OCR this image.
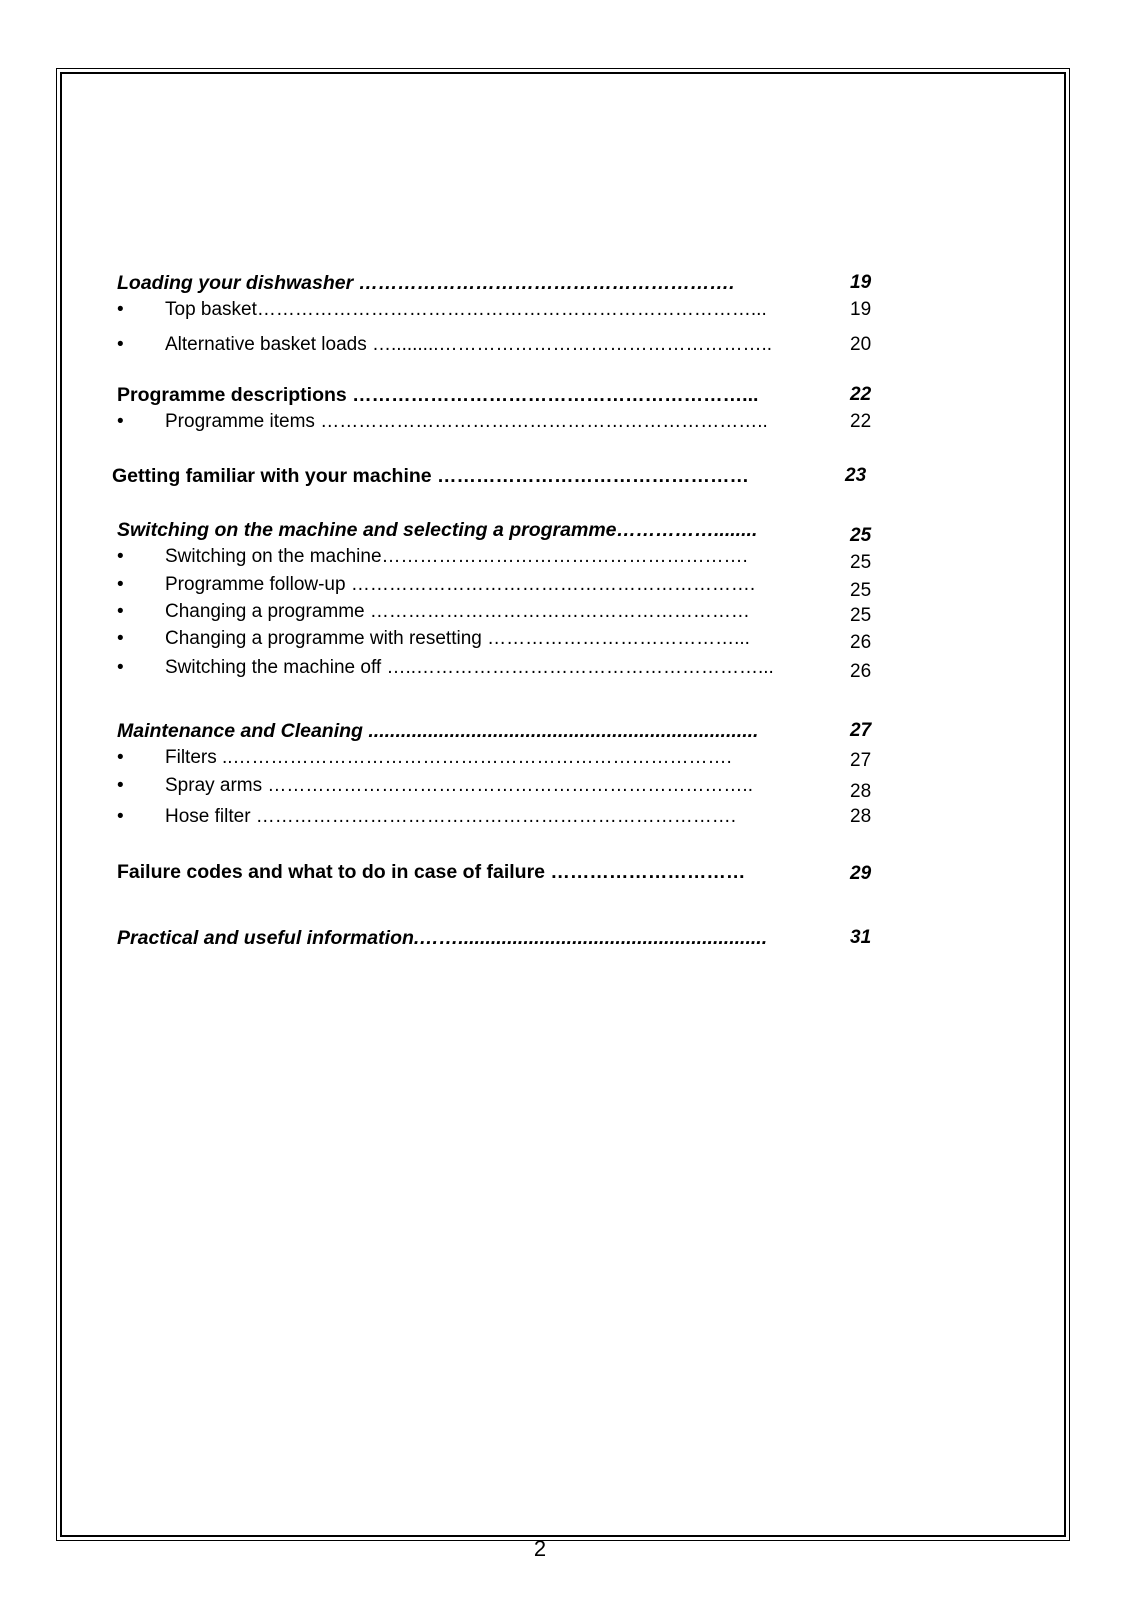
Loading your dishwasher ………………………………………………….	19
• Top basket……………………………………………………………………...	19
• Alternative basket loads ….........……………………………………………..	20
Programme descriptions ……………………………………………………...	22
• Programme items ……………………………………………………………..	22
Getting familiar with your machine …………………………………………	23
Switching on the machine and selecting a programme……………........	25
• Switching on the machine………………………………………………….	25
• Programme follow-up ……………………………………………………….	25
• Changing a programme ……………………………………………………	25
• Changing a programme with resetting …………………………………...	26
• Switching the machine off …..………………………………………………...	26
Maintenance and Cleaning ........................................................................	27
• Filters ..…………………………………………………………………….	27
• Spray arms …………………………………………………………………..	28
• Hose filter ………………………………………………………………….	28
Failure codes and what to do in case of failure …………………………	29
Practical and useful information.…….........................................................	31
2
